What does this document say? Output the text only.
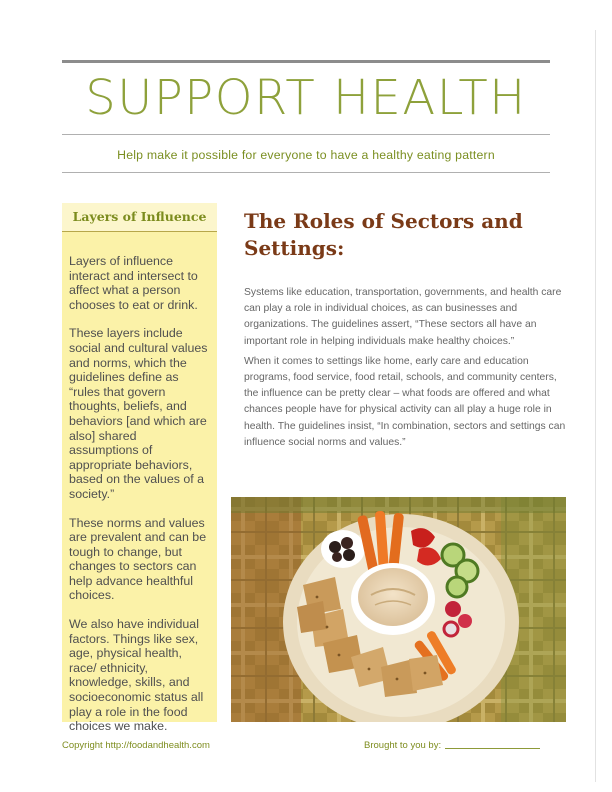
SUPPORT HEALTH
Help make it possible for everyone to have a healthy eating pattern
Layers of Influence

Layers of influence interact and intersect to affect what a person chooses to eat or drink.

These layers include social and cultural values and norms, which the guidelines define as “rules that govern thoughts, beliefs, and behaviors [and which are also] shared assumptions of appropriate behaviors, based on the values of a society.”

These norms and values are prevalent and can be tough to change, but changes to sectors can help advance healthful choices.

We also have individual factors. Things like sex, age, physical health, race/ ethnicity, knowledge, skills, and socioeconomic status all play a role in the food choices we make.

The Roles of Sectors and Settings:

Systems like education, transportation, governments, and health care can play a role in individual choices, as can businesses and organizations. The guidelines assert, “These sectors all have an important role in helping individuals make healthy choices.”

When it comes to settings like home, early care and education programs, food service, food retail, schools, and community centers, the influence can be pretty clear – what foods are offered and what chances people have for physical activity can all play a huge role in health. The guidelines insist, “In combination, sectors and settings can influence social norms and values.”

Copyright http://foodandhealth.com	Brought to you by:
